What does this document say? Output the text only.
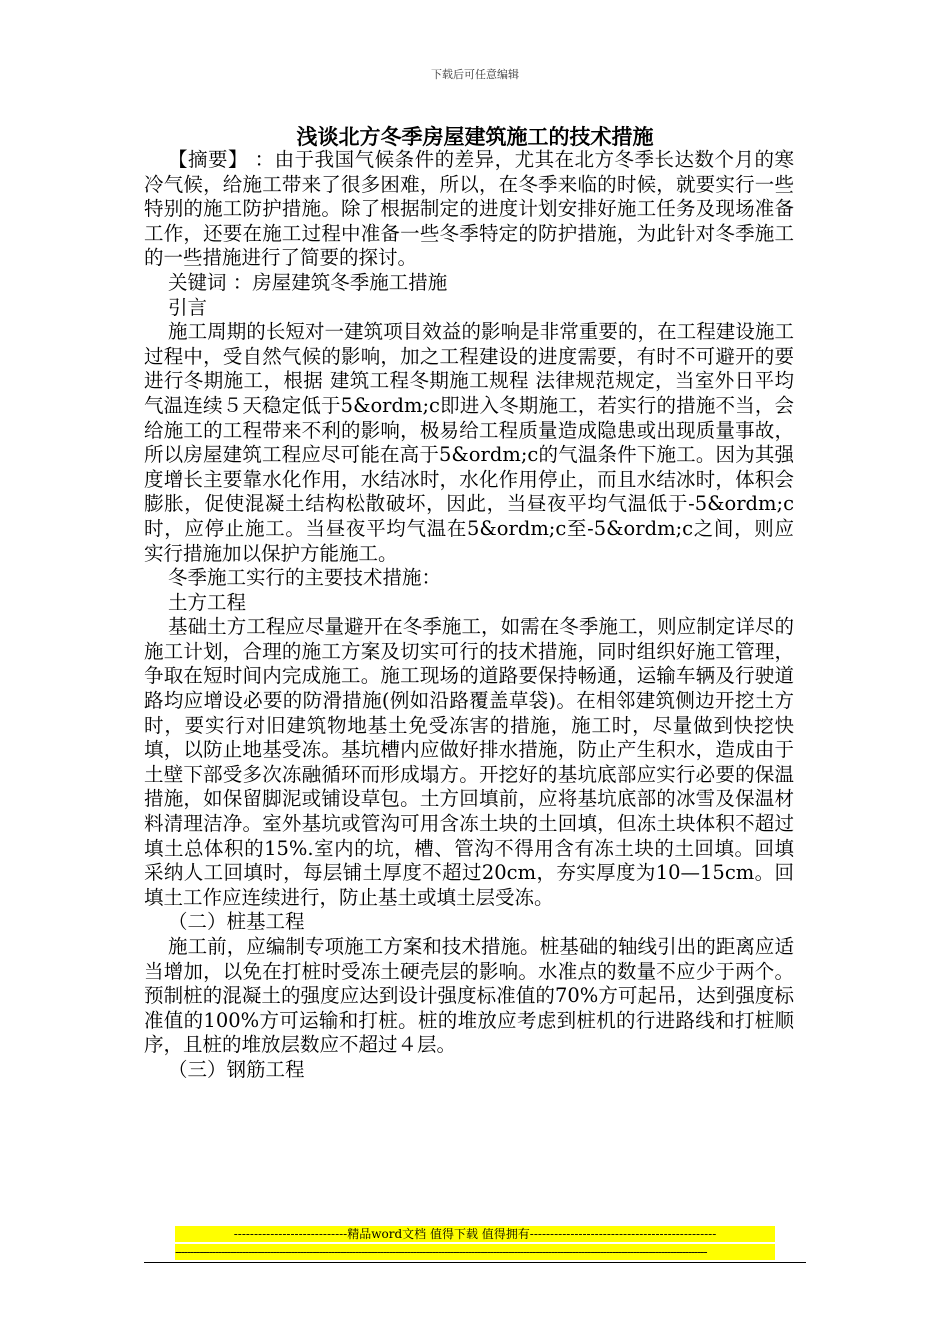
下载后可任意编辑
浅谈北方冬季房屋建筑施工的技术措施

【摘要】 ：由于我国气候条件的差异，尤其在北方冬季长达数个月的寒冷气候，给施工带来了很多困难，所以，在冬季来临的时候，就要实行一些特别的施工防护措施。除了根据制定的进度计划安排好施工任务及现场准备工作，还要在施工过程中准备一些冬季特定的防护措施，为此针对冬季施工的一些措施进行了简要的探讨。

关键词 ：房屋建筑冬季施工措施

引言

施工周期的长短对一建筑项目效益的影响是非常重要的，在工程建设施工过程中，受自然气候的影响，加之工程建设的进度需要，有时不可避开的要进行冬期施工，根据 建筑工程冬期施工规程 法律规范规定，当室外日平均气温连续５天稳定低于5&ordm;c即进入冬期施工，若实行的措施不当，会给施工的工程带来不利的影响，极易给工程质量造成隐患或出现质量事故，所以房屋建筑工程应尽可能在高于5&ordm;c的气温条件下施工。因为其强度增长主要靠水化作用，水结冰时，水化作用停止，而且水结冰时，体积会膨胀，促使混凝土结构松散破坏，因此，当昼夜平均气温低于-5&ordm;c时，应停止施工。当昼夜平均气温在5&ordm;c至-5&ordm;c之间，则应实行措施加以保护方能施工。

冬季施工实行的主要技术措施：

土方工程

基础土方工程应尽量避开在冬季施工，如需在冬季施工，则应制定详尽的施工计划，合理的施工方案及切实可行的技术措施，同时组织好施工管理，争取在短时间内完成施工。施工现场的道路要保持畅通，运输车辆及行驶道路均应增设必要的防滑措施(例如沿路覆盖草袋)。在相邻建筑侧边开挖土方时，要实行对旧建筑物地基土免受冻害的措施，施工时，尽量做到快挖快填，以防止地基受冻。基坑槽内应做好排水措施，防止产生积水，造成由于土壁下部受多次冻融循环而形成塌方。开挖好的基坑底部应实行必要的保温措施，如保留脚泥或铺设草包。土方回填前，应将基坑底部的冰雪及保温材料清理洁净。室外基坑或管沟可用含冻土块的土回填，但冻土块体积不超过填土总体积的15%.室内的坑，槽、管沟不得用含有冻土块的土回填。回填采纳人工回填时，每层铺土厚度不超过20cm，夯实厚度为10—15cm。回填土工作应连续进行，防止基土或填土层受冻。

（二）桩基工程

施工前，应编制专项施工方案和技术措施。桩基础的轴线引出的距离应适当增加，以免在打桩时受冻土硬壳层的影响。水准点的数量不应少于两个。预制桩的混凝土的强度应达到设计强度标准值的70%方可起吊，达到强度标准值的100%方可运输和打桩。桩的堆放应考虑到桩机的行进路线和打桩顺序，且桩的堆放层数应不超过４层。

（三）钢筋工程

----------------------------精品word文档 值得下载 值得拥有----------------------------------------------
------------------------------------------------------------------------------------------------------------------------------------------------------------------------------
